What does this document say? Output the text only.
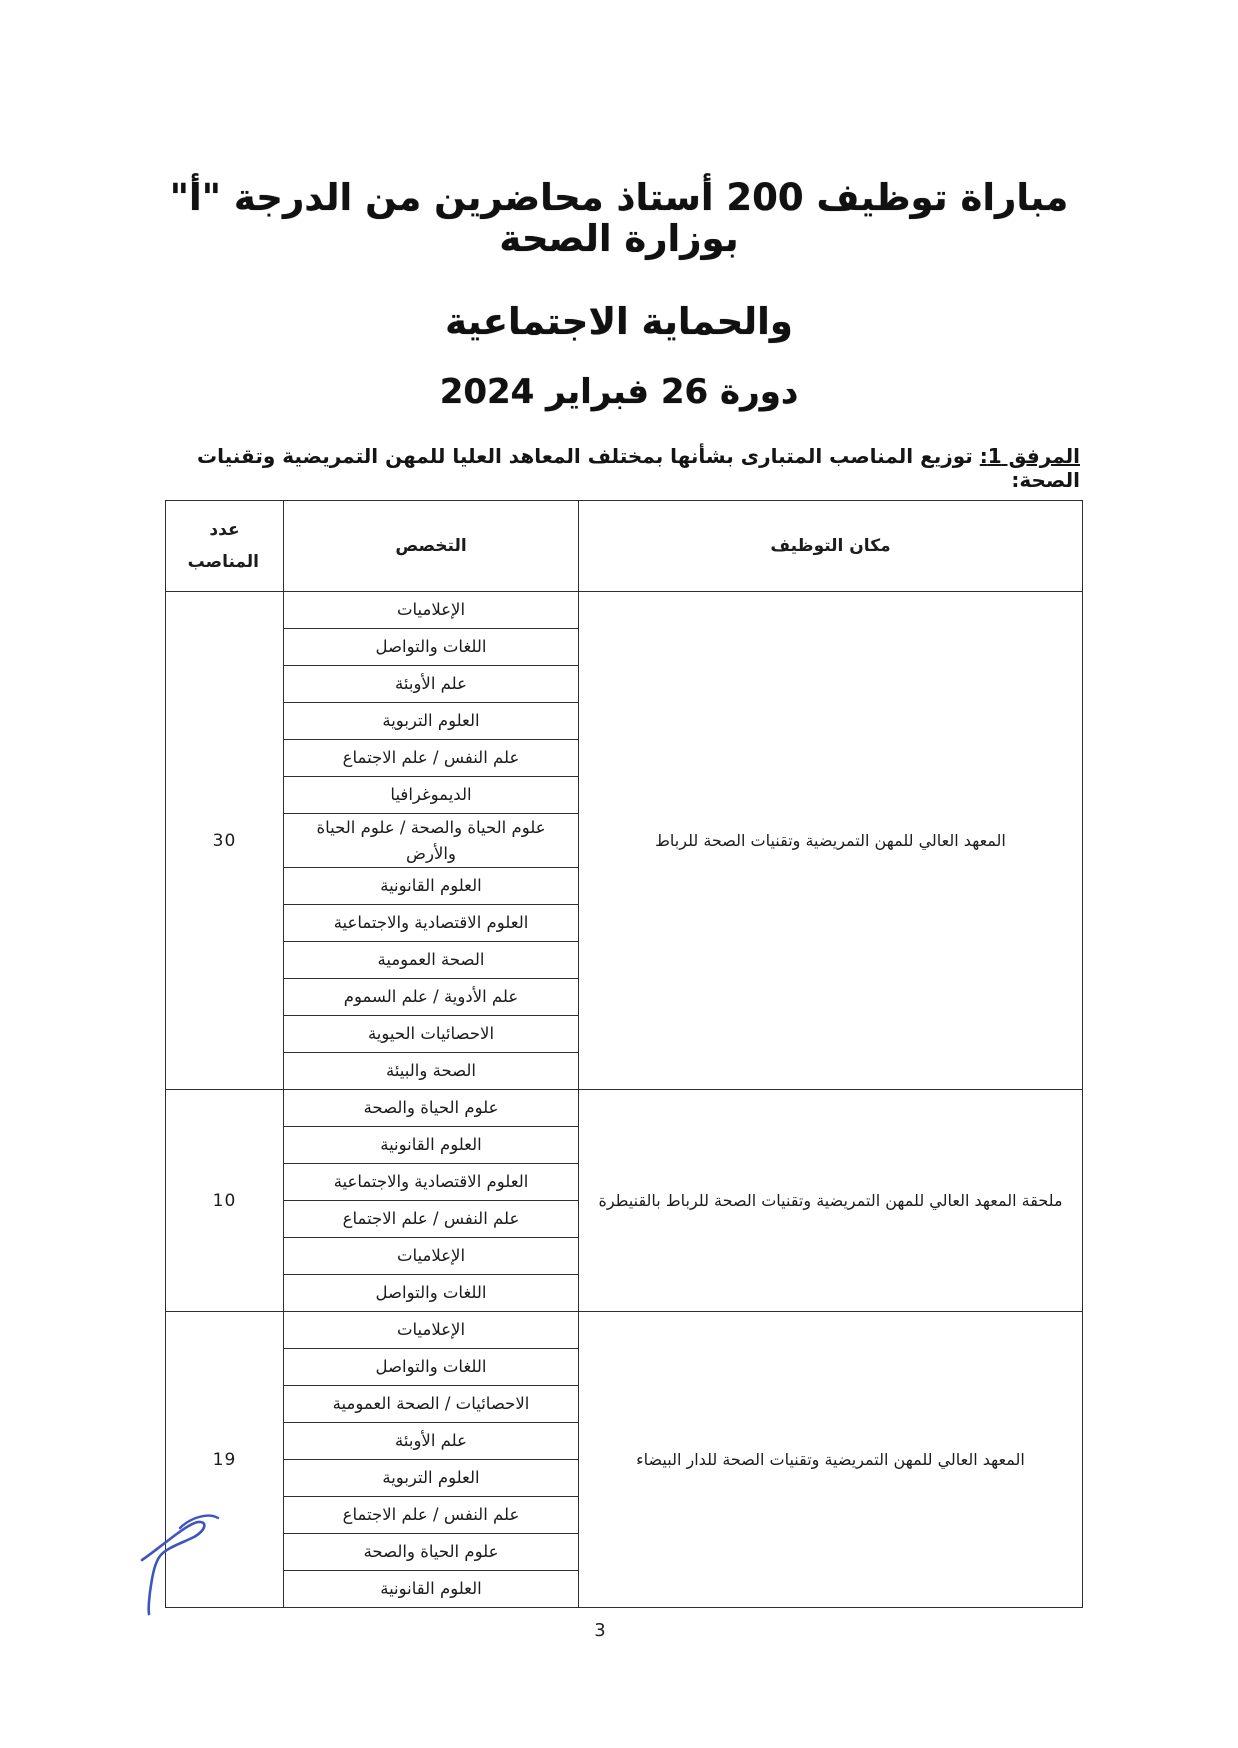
مباراة توظيف 200 أستاذ محاضرين من الدرجة "أ" بوزارة الصحة
والحماية الاجتماعية
دورة 26 فبراير 2024
المرفق 1: توزيع المناصب المتبارى بشأنها بمختلف المعاهد العليا للمهن التمريضية وتقنيات الصحة:
عدد المناصب	التخصص	مكان التوظيف
30	الإعلاميات	المعهد العالي للمهن التمريضية وتقنيات الصحة للرباط
	اللغات والتواصل	
	علم الأوبئة	
	العلوم التربوية	
	علم النفس / علم الاجتماع	
	الديموغرافيا	
	علوم الحياة والصحة / علوم الحياة والأرض	
	العلوم القانونية	
	العلوم الاقتصادية والاجتماعية	
	الصحة العمومية	
	علم الأدوية / علم السموم	
	الاحصائيات الحيوية	
	الصحة والبيئة	
10	علوم الحياة والصحة	ملحقة المعهد العالي للمهن التمريضية وتقنيات الصحة للرباط بالقنيطرة
	العلوم القانونية	
	العلوم الاقتصادية والاجتماعية	
	علم النفس / علم الاجتماع	
	الإعلاميات	
	اللغات والتواصل	
19	الإعلاميات	المعهد العالي للمهن التمريضية وتقنيات الصحة للدار البيضاء
	اللغات والتواصل	
	الاحصائيات / الصحة العمومية	
	علم الأوبئة	
	العلوم التربوية	
	علم النفس / علم الاجتماع	
	علوم الحياة والصحة	
	العلوم القانونية	
3
